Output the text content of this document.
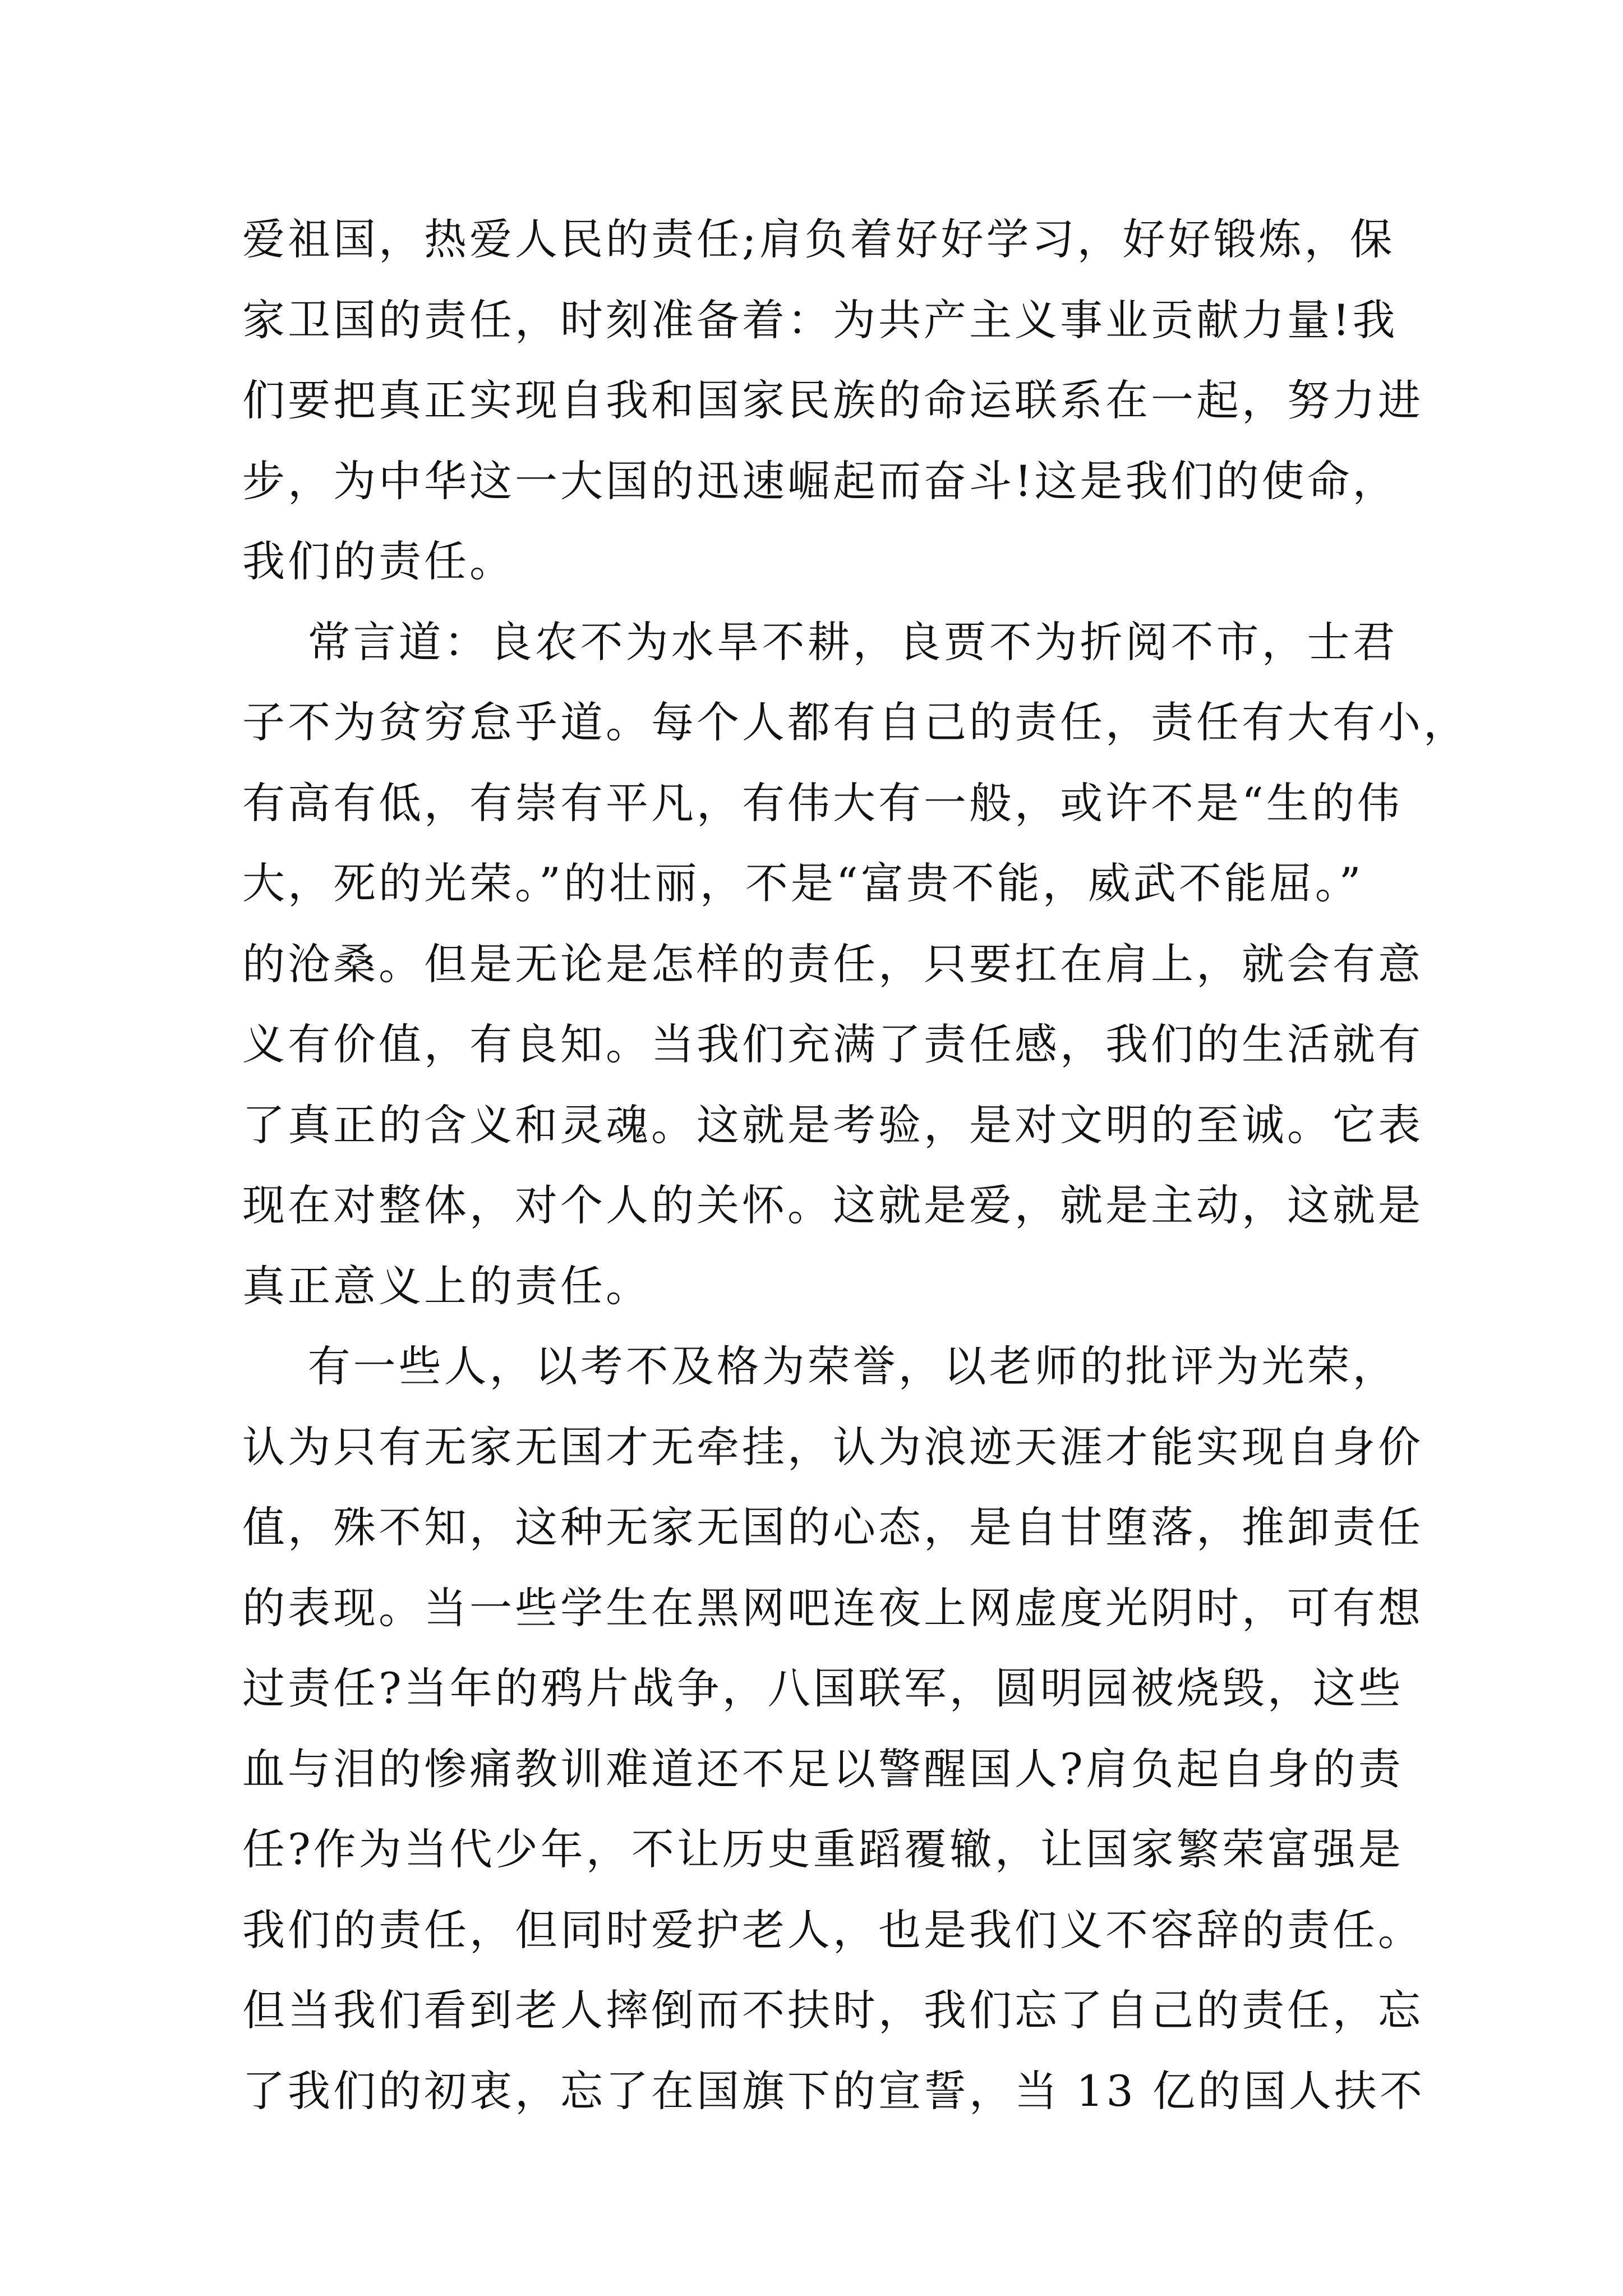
爱祖国，热爱人民的责任;肩负着好好学习，好好锻炼，保
家卫国的责任，时刻准备着：为共产主义事业贡献力量!我
们要把真正实现自我和国家民族的命运联系在一起，努力进
步，为中华这一大国的迅速崛起而奋斗!这是我们的使命，
我们的责任。
常言道：良农不为水旱不耕，良贾不为折阅不市，士君
子不为贫穷怠乎道。每个人都有自己的责任，责任有大有小，
有高有低，有崇有平凡，有伟大有一般，或许不是“生的伟
大，死的光荣。”的壮丽，不是“富贵不能，威武不能屈。”
的沧桑。但是无论是怎样的责任，只要扛在肩上，就会有意
义有价值，有良知。当我们充满了责任感，我们的生活就有
了真正的含义和灵魂。这就是考验，是对文明的至诚。它表
现在对整体，对个人的关怀。这就是爱，就是主动，这就是
真正意义上的责任。
有一些人，以考不及格为荣誉，以老师的批评为光荣，
认为只有无家无国才无牵挂，认为浪迹天涯才能实现自身价
值，殊不知，这种无家无国的心态，是自甘堕落，推卸责任
的表现。当一些学生在黑网吧连夜上网虚度光阴时，可有想
过责任?当年的鸦片战争，八国联军，圆明园被烧毁，这些
血与泪的惨痛教训难道还不足以警醒国人?肩负起自身的责
任?作为当代少年，不让历史重蹈覆辙，让国家繁荣富强是
我们的责任，但同时爱护老人，也是我们义不容辞的责任。
但当我们看到老人摔倒而不扶时，我们忘了自己的责任，忘
了我们的初衷，忘了在国旗下的宣誓，当 13 亿的国人扶不
